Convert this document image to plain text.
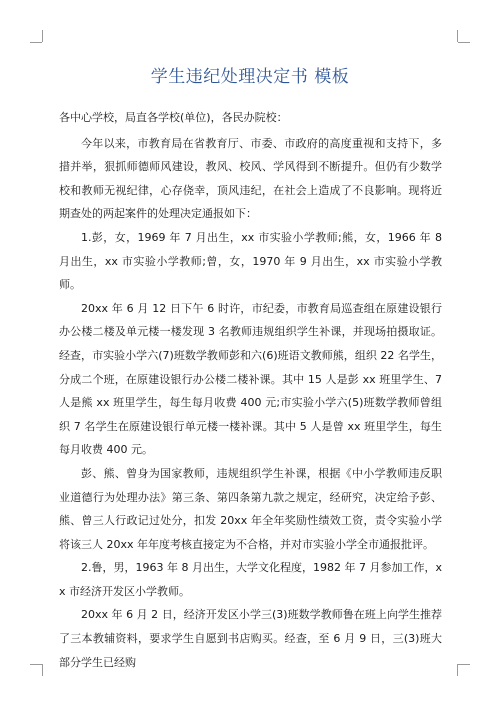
学生违纪处理决定书 模板

各中心学校，局直各学校(单位)，各民办院校：

今年以来，市教育局在省教育厅、市委、市政府的高度重视和支持下，多措并举，狠抓师德师风建设，教风、校风、学风得到不断提升。但仍有少数学校和教师无视纪律，心存侥幸，顶风违纪，在社会上造成了不良影响。现将近期查处的两起案件的处理决定通报如下：

1.彭，女，1969 年 7 月出生，xx 市实验小学教师;熊，女，1966 年 8 月出生，xx 市实验小学教师;曾，女，1970 年 9 月出生，xx 市实验小学教师。

20xx 年 6 月 12 日下午 6 时许，市纪委，市教育局巡查组在原建设银行办公楼二楼及单元楼一楼发现 3 名教师违规组织学生补课，并现场拍摄取证。经查，市实验小学六(7)班数学教师彭和六(6)班语文教师熊，组织 22 名学生，分成二个班，在原建设银行办公楼二楼补课。其中 15 人是彭 xx 班里学生、7 人是熊 xx 班里学生，每生每月收费 400 元;市实验小学六(5)班数学教师曾组织 7 名学生在原建设银行单元楼一楼补课。其中 5 人是曾 xx 班里学生，每生每月收费 400 元。

彭、熊、曾身为国家教师，违规组织学生补课，根据《中小学教师违反职业道德行为处理办法》第三条、第四条第九款之规定，经研究，决定给予彭、熊、曾三人行政记过处分，扣发 20xx 年全年奖励性绩效工资，责令实验小学将该三人 20xx 年年度考核直接定为不合格，并对市实验小学全市通报批评。

2.鲁，男，1963 年 8 月出生，大学文化程度，1982 年 7 月参加工作，xx 市经济开发区小学教师。

20xx 年 6 月 2 日，经济开发区小学三(3)班数学教师鲁在班上向学生推荐了三本教辅资料，要求学生自愿到书店购买。经查，至 6 月 9 日，三(3)班大部分学生已经购
